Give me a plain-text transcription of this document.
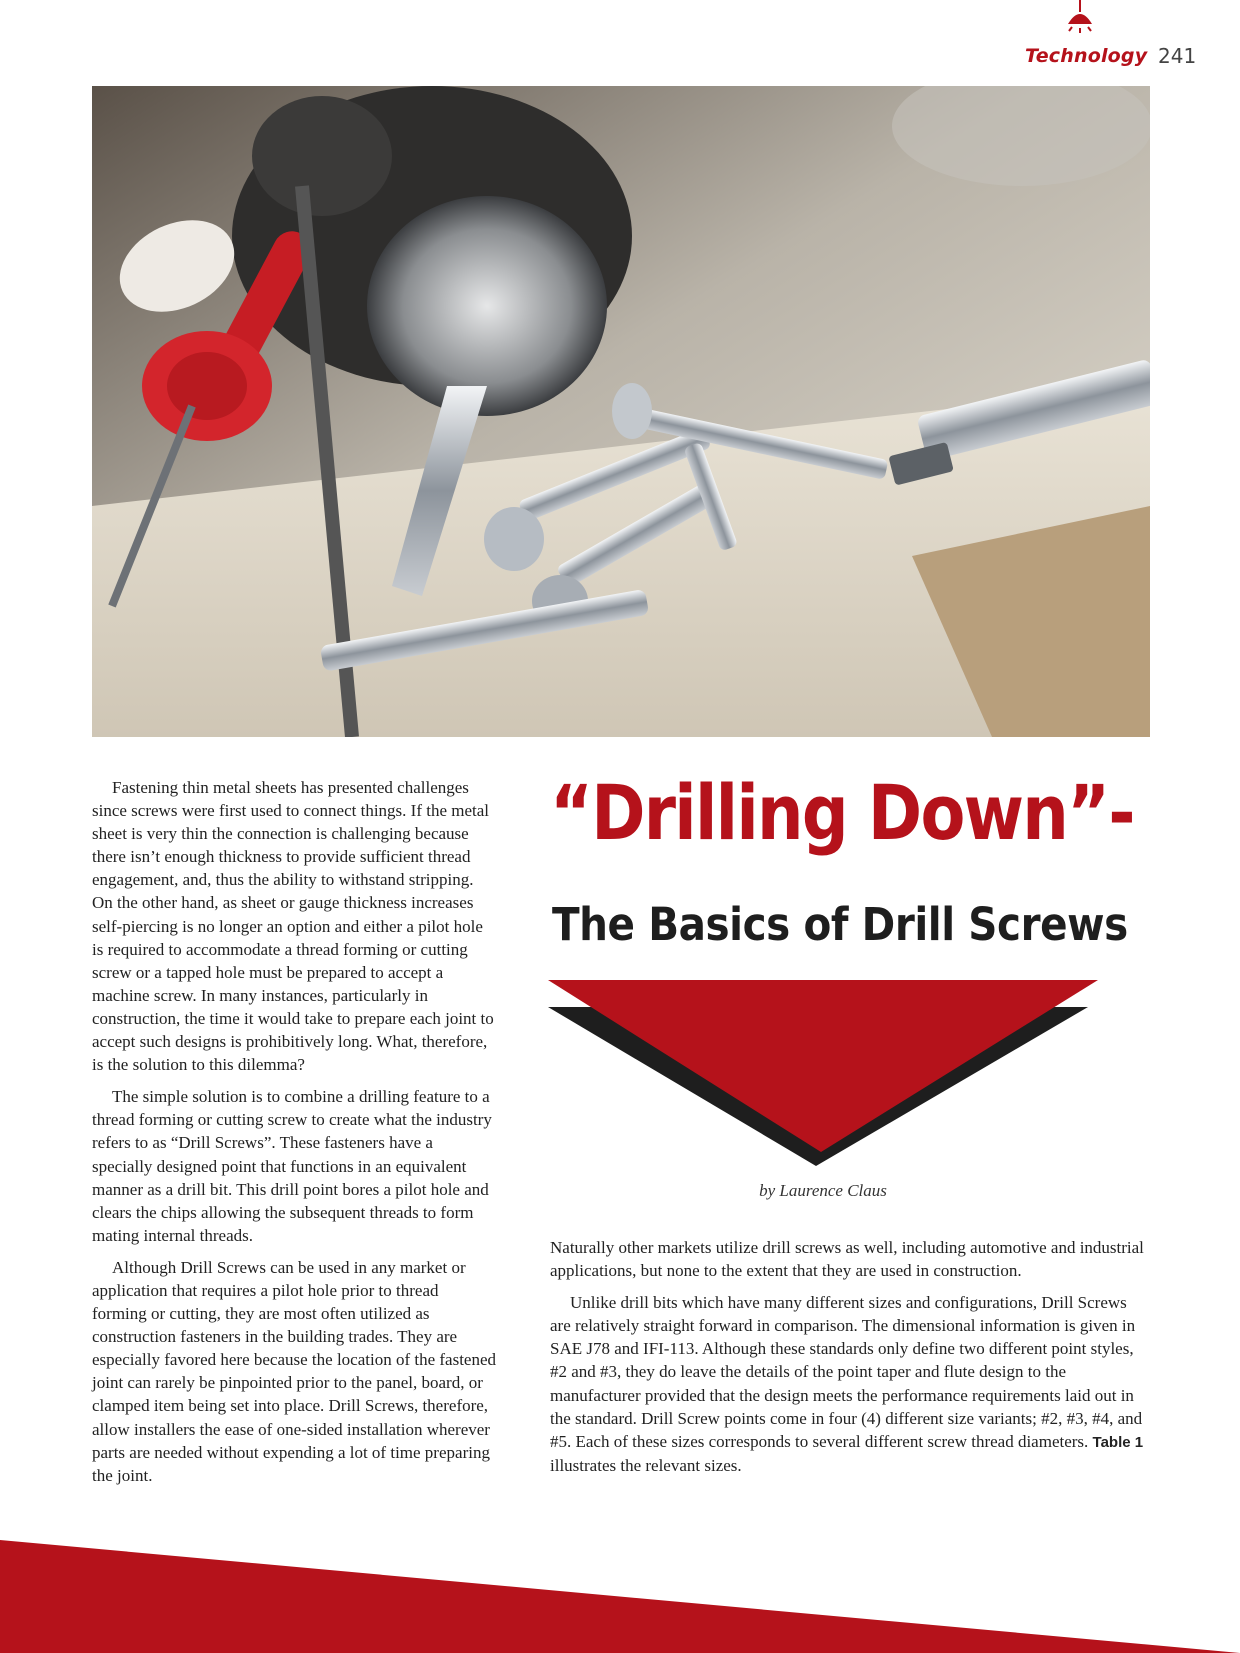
Technology 241

Fastening thin metal sheets has presented challenges since screws were first used to connect things. If the metal sheet is very thin the connection is challenging because there isn’t enough thickness to provide sufficient thread engagement, and, thus the ability to withstand stripping. On the other hand, as sheet or gauge thickness increases self-piercing is no longer an option and either a pilot hole is required to accommodate a thread forming or cutting screw or a tapped hole must be prepared to accept a machine screw. In many instances, particularly in construction, the time it would take to prepare each joint to accept such designs is prohibitively long. What, therefore, is the solution to this dilemma?

The simple solution is to combine a drilling feature to a thread forming or cutting screw to create what the industry refers to as “Drill Screws”. These fasteners have a specially designed point that functions in an equivalent manner as a drill bit. This drill point bores a pilot hole and clears the chips allowing the subsequent threads to form mating internal threads.

Although Drill Screws can be used in any market or application that requires a pilot hole prior to thread forming or cutting, they are most often utilized as construction fasteners in the building trades. They are especially favored here because the location of the fastened joint can rarely be pinpointed prior to the panel, board, or clamped item being set into place. Drill Screws, therefore, allow installers the ease of one-sided installation wherever parts are needed without expending a lot of time preparing the joint.

“Drilling Down”-
The Basics of Drill Screws
by Laurence Claus

Naturally other markets utilize drill screws as well, including automotive and industrial applications, but none to the extent that they are used in construction.

Unlike drill bits which have many different sizes and configurations, Drill Screws are relatively straight forward in comparison. The dimensional information is given in SAE J78 and IFI-113. Although these standards only define two different point styles, #2 and #3, they do leave the details of the point taper and flute design to the manufacturer provided that the design meets the performance requirements laid out in the standard. Drill Screw points come in four (4) different size variants; #2, #3, #4, and #5. Each of these sizes corresponds to several different screw thread diameters. Table 1 illustrates the relevant sizes.
